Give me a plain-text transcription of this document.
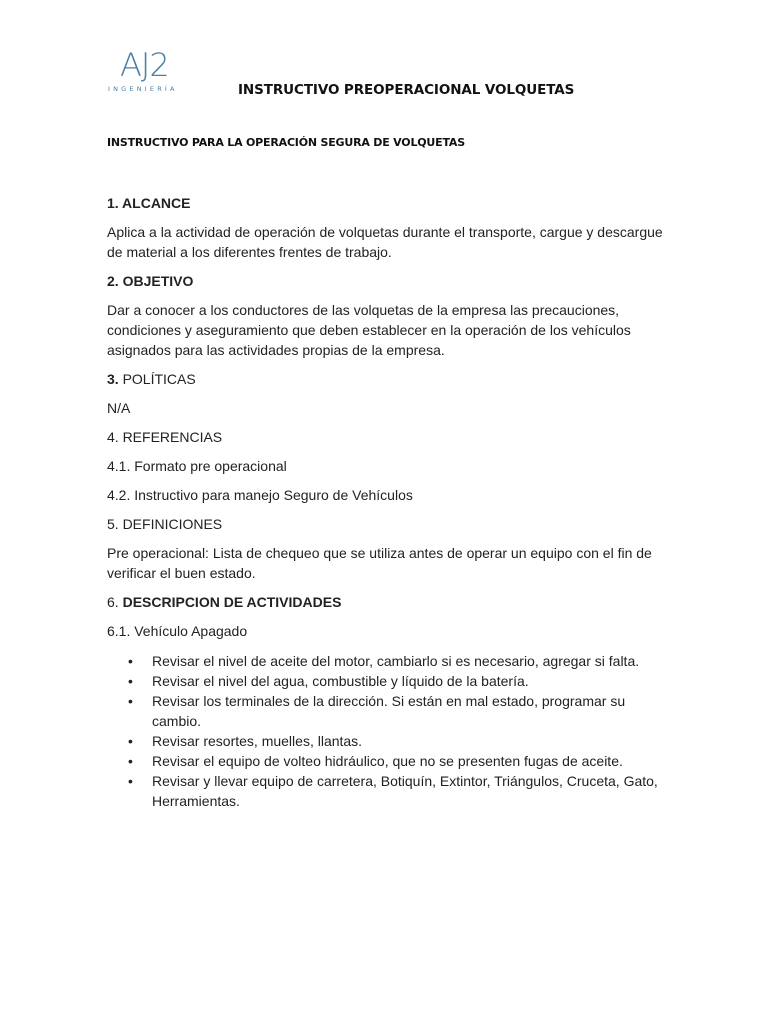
AJ2
INGENIERÍA	INSTRUCTIVO PREOPERACIONAL VOLQUETAS
INSTRUCTIVO PARA LA OPERACIÓN SEGURA DE VOLQUETAS
1. ALCANCE

Aplica a la actividad de operación de volquetas durante el transporte, cargue y descargue de material a los diferentes frentes de trabajo.

2. OBJETIVO

Dar a conocer a los conductores de las volquetas de la empresa las precauciones, condiciones y aseguramiento que deben establecer en la operación de los vehículos asignados para las actividades propias de la empresa.

3. POLÍTICAS

N/A

4. REFERENCIAS

4.1. Formato pre operacional

4.2. Instructivo para manejo Seguro de Vehículos

5. DEFINICIONES

Pre operacional: Lista de chequeo que se utiliza antes de operar un equipo con el fin de verificar el buen estado.

6. DESCRIPCION DE ACTIVIDADES

6.1. Vehículo Apagado

• Revisar el nivel de aceite del motor, cambiarlo si es necesario, agregar si falta.
• Revisar el nivel del agua, combustible y líquido de la batería.
• Revisar los terminales de la dirección. Si están en mal estado, programar su cambio.
• Revisar resortes, muelles, llantas.
• Revisar el equipo de volteo hidráulico, que no se presenten fugas de aceite.
• Revisar y llevar equipo de carretera, Botiquín, Extintor, Triángulos, Cruceta, Gato, Herramientas.
